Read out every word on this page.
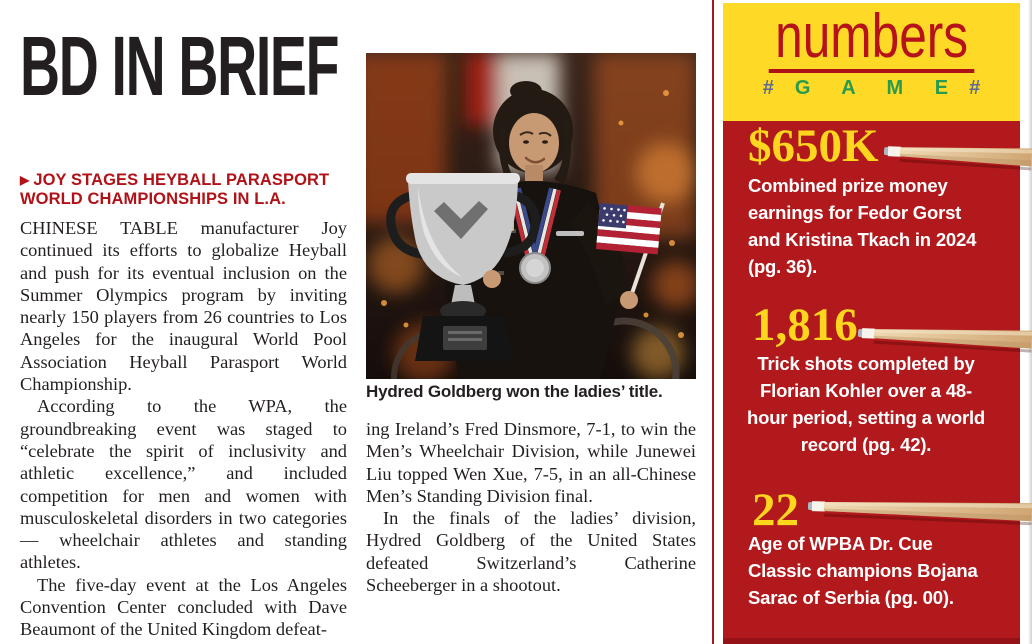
BD IN BRIEF
▶ JOY STAGES HEYBALL PARASPORT WORLD CHAMPIONSHIPS IN L.A.

CHINESE TABLE manufacturer Joy continued its efforts to globalize Heyball and push for its eventual inclusion on the Summer Olympics program by inviting nearly 150 players from 26 countries to Los Angeles for the inaugural World Pool Association Heyball Parasport World Championship.

According to the WPA, the groundbreaking event was staged to “celebrate the spirit of inclusivity and athletic excellence,” and included competition for men and women with musculoskeletal disorders in two categories — wheelchair athletes and standing athletes.

The five-day event at the Los Angeles Convention Center concluded with Dave Beaumont of the United Kingdom defeat-

Hydred Goldberg won the ladies’ title.

ing Ireland’s Fred Dinsmore, 7-1, to win the Men’s Wheelchair Division, while Junewei Liu topped Wen Xue, 7-5, in an all-Chinese Men’s Standing Division final.

In the finals of the ladies’ division, Hydred Goldberg of the United States defeated Switzerland’s Catherine Scheeberger in a shootout.

numbers
# G A M E #
$650K
Combined prize money earnings for Fedor Gorst and Kristina Tkach in 2024 (pg. 36).
1,816
Trick shots completed by Florian Kohler over a 48-hour period, setting a world record (pg. 42).
22
Age of WPBA Dr. Cue Classic champions Bojana Sarac of Serbia (pg. 00).
